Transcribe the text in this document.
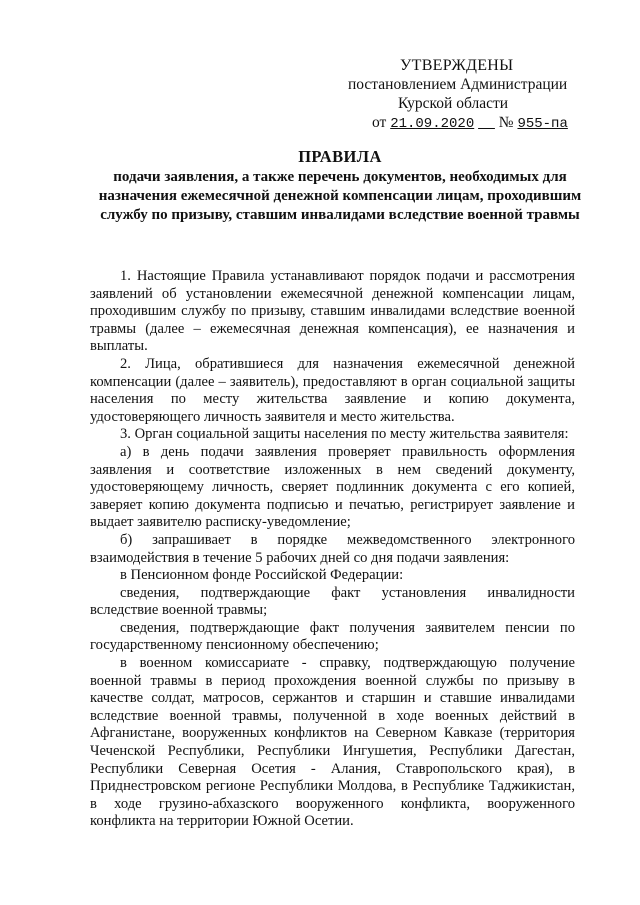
УТВЕРЖДЕНЫ
постановлением Администрации
Курской области
от 21.09.2020 № 955-па
ПРАВИЛА
подачи заявления, а также перечень документов, необходимых для назначения ежемесячной денежной компенсации лицам, проходившим службу по призыву, ставшим инвалидами вследствие военной травмы

1. Настоящие Правила устанавливают порядок подачи и рассмотрения заявлений об установлении ежемесячной денежной компенсации лицам, проходившим службу по призыву, ставшим инвалидами вследствие военной травмы (далее – ежемесячная денежная компенсация), ее назначения и выплаты.

2. Лица, обратившиеся для назначения ежемесячной денежной компенсации (далее – заявитель), предоставляют в орган социальной защиты населения по месту жительства заявление и копию документа, удостоверяющего личность заявителя и место жительства.

3. Орган социальной защиты населения по месту жительства заявителя:

а) в день подачи заявления проверяет правильность оформления заявления и соответствие изложенных в нем сведений документу, удостоверяющему личность, сверяет подлинник документа с его копией, заверяет копию документа подписью и печатью, регистрирует заявление и выдает заявителю расписку-уведомление;

б) запрашивает в порядке межведомственного электронного взаимодействия в течение 5 рабочих дней со дня подачи заявления:

в Пенсионном фонде Российской Федерации:

сведения, подтверждающие факт установления инвалидности вследствие военной травмы;

сведения, подтверждающие факт получения заявителем пенсии по государственному пенсионному обеспечению;

в военном комиссариате - справку, подтверждающую получение военной травмы в период прохождения военной службы по призыву в качестве солдат, матросов, сержантов и старшин и ставшие инвалидами вследствие военной травмы, полученной в ходе военных действий в Афганистане, вооруженных конфликтов на Северном Кавказе (территория Чеченской Республики, Республики Ингушетия, Республики Дагестан, Республики Северная Осетия - Алания, Ставропольского края), в Приднестровском регионе Республики Молдова, в Республике Таджикистан, в ходе грузино-абхазского вооруженного конфликта, вооруженного конфликта на территории Южной Осетии.
